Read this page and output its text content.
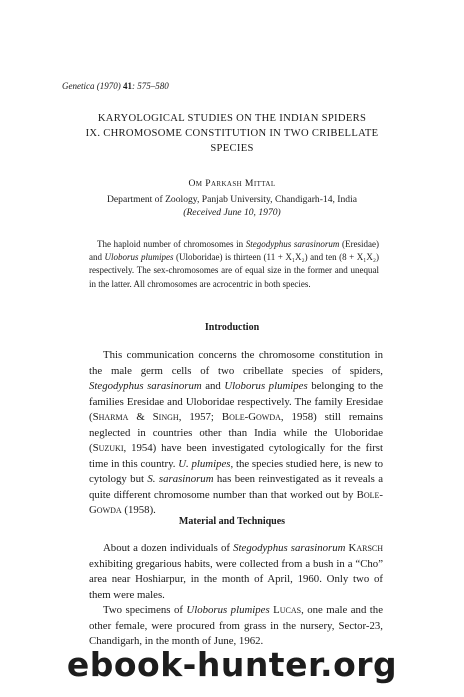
Genetica (1970) 41: 575–580
KARYOLOGICAL STUDIES ON THE INDIAN SPIDERS
IX. CHROMOSOME CONSTITUTION IN TWO CRIBELLATE
SPECIES
Om Parkash Mittal
Department of Zoology, Panjab University, Chandigarh-14, India
(Received June 10, 1970)

The haploid number of chromosomes in Stegodyphus sarasinorum (Eresidae) and Uloborus plumipes (Uloboridae) is thirteen (11 + X₁X₂) and ten (8 + X₁X₂) respectively. The sex-chromosomes are of equal size in the former and unequal in the latter. All chromosomes are acrocentric in both species.

Introduction

This communication concerns the chromosome constitution in the male germ cells of two cribellate species of spiders, Stegodyphus sarasinorum and Uloborus plumipes belonging to the families Eresidae and Uloboridae respectively. The family Eresidae (Sharma & Singh, 1957; Bole-Gowda, 1958) still remains neglected in countries other than India while the Uloboridae (Suzuki, 1954) have been investigated cytologically for the first time in this country. U. plumipes, the species studied here, is new to cytology but S. sarasinorum has been reinvestigated as it reveals a quite different chromosome number than that worked out by Bole-Gowda (1958).

Material and Techniques

About a dozen individuals of Stegodyphus sarasinorum Karsch exhibiting gregarious habits, were collected from a bush in a “Cho” area near Hoshiarpur, in the month of April, 1960. Only two of them were males.

Two specimens of Uloborus plumipes Lucas, one male and the other female, were procured from grass in the nursery, Sector-23, Chandigarh, in the month of June, 1962.

ebook-hunter.org
